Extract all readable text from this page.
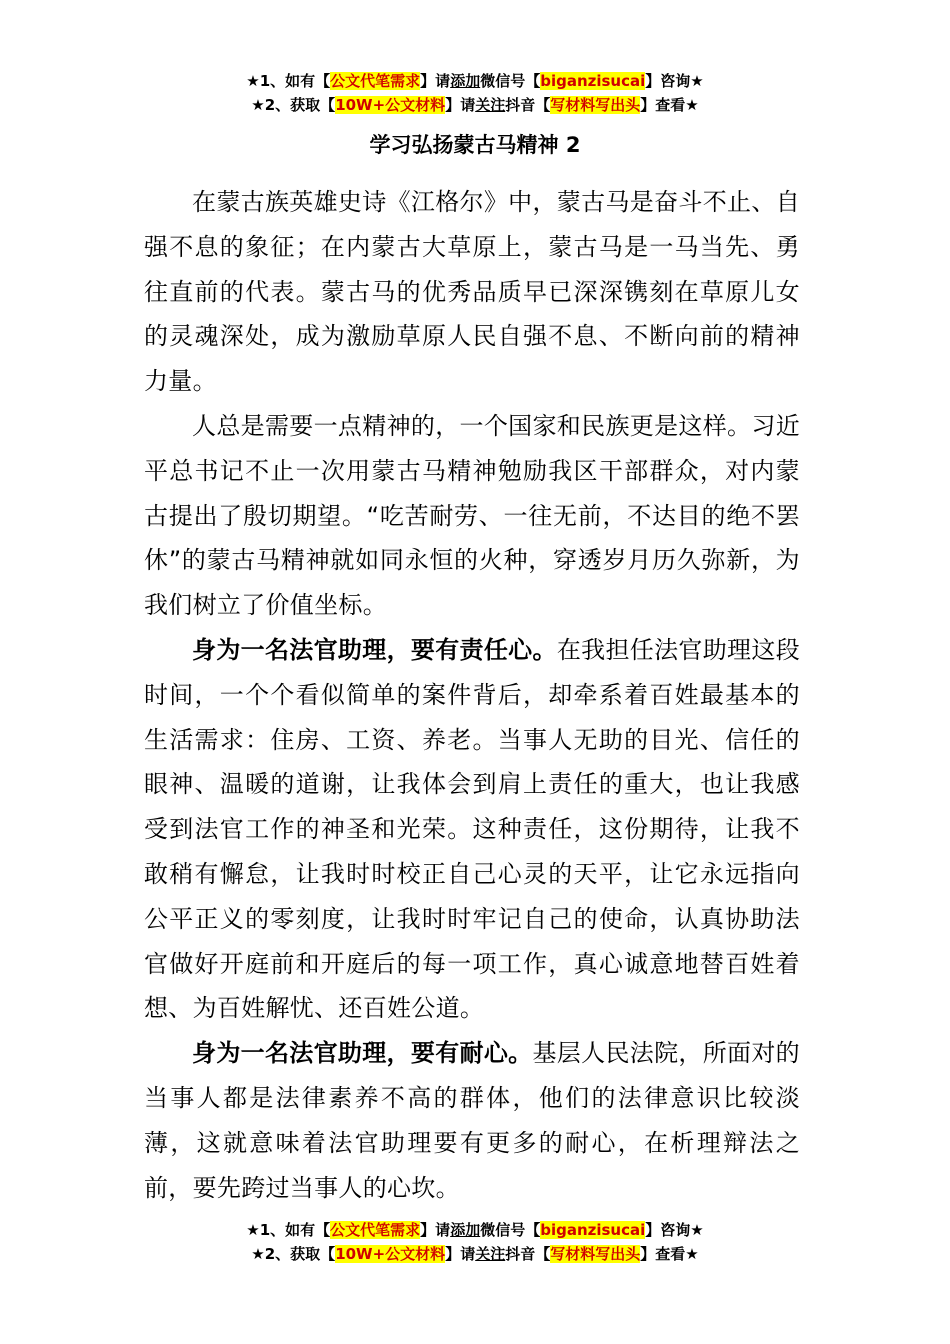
★1、如有【公文代笔需求】请添加微信号【biganzisucai】咨询★
★2、获取【10W+公文材料】请关注抖音【写材料写出头】查看★
学习弘扬蒙古马精神 2

在蒙古族英雄史诗《江格尔》中，蒙古马是奋斗不止、自强不息的象征；在内蒙古大草原上，蒙古马是一马当先、勇往直前的代表。蒙古马的优秀品质早已深深镌刻在草原儿女的灵魂深处，成为激励草原人民自强不息、不断向前的精神力量。

人总是需要一点精神的，一个国家和民族更是这样。习近平总书记不止一次用蒙古马精神勉励我区干部群众，对内蒙古提出了殷切期望。“吃苦耐劳、一往无前，不达目的绝不罢休”的蒙古马精神就如同永恒的火种，穿透岁月历久弥新，为我们树立了价值坐标。

身为一名法官助理，要有责任心。在我担任法官助理这段时间，一个个看似简单的案件背后，却牵系着百姓最基本的生活需求：住房、工资、养老。当事人无助的目光、信任的眼神、温暖的道谢，让我体会到肩上责任的重大，也让我感受到法官工作的神圣和光荣。这种责任，这份期待，让我不敢稍有懈怠，让我时时校正自己心灵的天平，让它永远指向公平正义的零刻度，让我时时牢记自己的使命，认真协助法官做好开庭前和开庭后的每一项工作，真心诚意地替百姓着想、为百姓解忧、还百姓公道。

身为一名法官助理，要有耐心。基层人民法院，所面对的当事人都是法律素养不高的群体，他们的法律意识比较淡薄，这就意味着法官助理要有更多的耐心，在析理辩法之前，要先跨过当事人的心坎。

★1、如有【公文代笔需求】请添加微信号【biganzisucai】咨询★
★2、获取【10W+公文材料】请关注抖音【写材料写出头】查看★
